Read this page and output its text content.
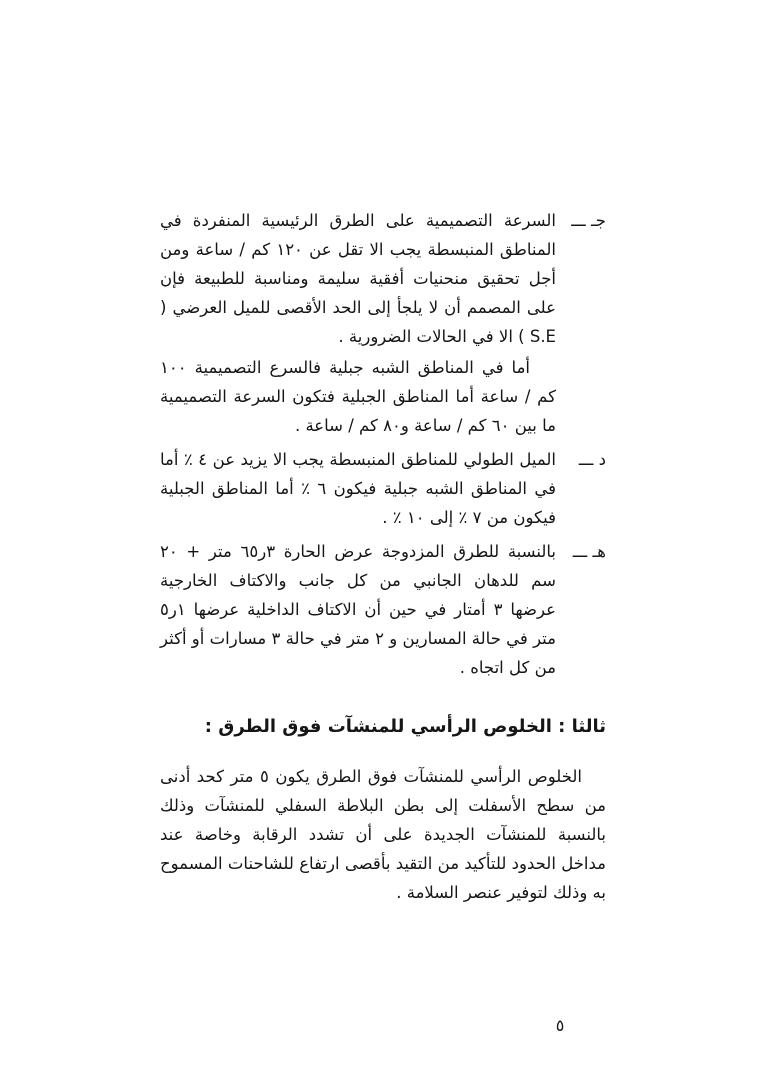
جـ ـــ

السرعة التصميمية على الطرق الرئيسية المنفردة في المناطق المنبسطة يجب الا تقل عن ١٢٠ كم / ساعة ومن أجل تحقيق منحنيات أفقية سليمة ومناسبة للطبيعة فإن على المصمم أن لا يلجأ إلى الحد الأقصى للميل العرضي ( S.E ) الا في الحالات الضرورية .

أما في المناطق الشبه جبلية فالسرع التصميمية ١٠٠ كم / ساعة أما المناطق الجبلية فتكون السرعة التصميمية ما بين ٦٠ كم / ساعة و٨٠ كم / ساعة .

د ـــ

الميل الطولي للمناطق المنبسطة يجب الا يزيد عن ٤ ٪ أما في المناطق الشبه جبلية فيكون ٦ ٪ أما المناطق الجبلية فيكون من ٧ ٪ إلى ١٠ ٪ .

هـ ـــ

بالنسبة للطرق المزدوجة عرض الحارة ٣ر٦٥ متر + ٢٠ سم للدهان الجانبي من كل جانب والاكتاف الخارجية عرضها ٣ أمتار في حين أن الاكتاف الداخلية عرضها ١ر٥ متر في حالة المسارين و ٢ متر في حالة ٣ مسارات أو أكثر من كل اتجاه .

ثالثا : الخلوص الرأسي للمنشآت فوق الطرق :

الخلوص الرأسي للمنشآت فوق الطرق يكون ٥ متر كحد أدنى من سطح الأسفلت إلى بطن البلاطة السفلي للمنشآت وذلك بالنسبة للمنشآت الجديدة على أن تشدد الرقابة وخاصة عند مداخل الحدود للتأكيد من التقيد بأقصى ارتفاع للشاحنات المسموح به وذلك لتوفير عنصر السلامة .

٥
